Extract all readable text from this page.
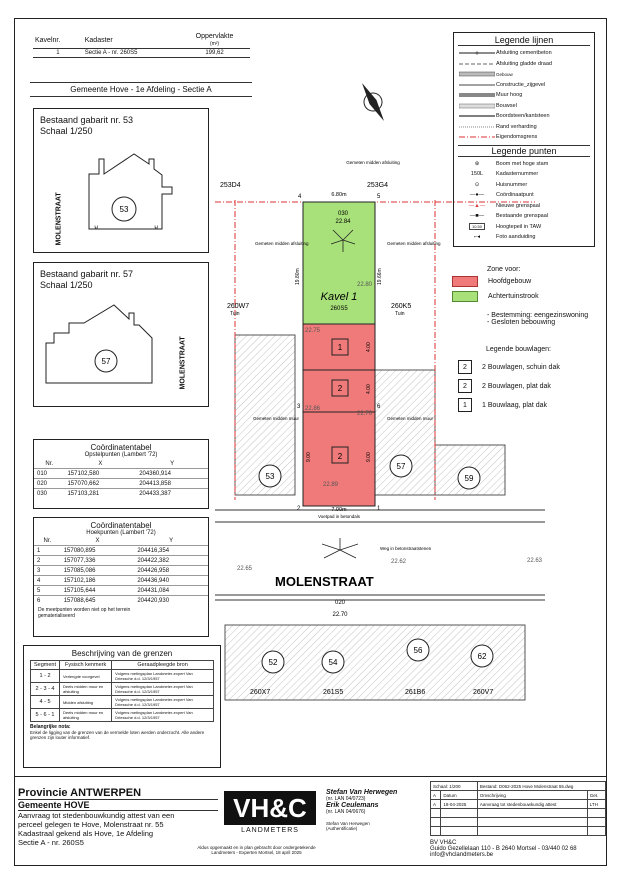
Kavelnr.	Kadaster	Oppervlakte
(m²)
1	Sectie A - nr. 260S5	199,62
Gemeente Hove - 1e Afdeling - Sectie A
Bestaand gabarit nr. 53
Schaal 1/250
MOLENSTRAAT	53
⊌	⊌
Bestaand gabarit nr. 57
Schaal 1/250
MOLENSTRAAT
57
Coördinatentabel
Opstelpunten (Lambert '72)
Nr.	X	Y
010	157102,580	204360,914
020	157070,662	204413,858
030	157103,281	204433,387
Coördinatentabel
Hoekpunten (Lambert '72)
Nr.	X	Y
1	157080,895	204416,354
2	157077,336	204422,382
3	157085,086	204426,958
4	157102,186	204436,940
5	157105,644	204431,084
6	157088,645	204420,930
De meetpunten worden niet op het terrein gematerialiseerd
Beschrijving van de grenzen
Segment	Fysisch kenmerk	Geraadpleegde bron
1 - 2	Verlengde voorgevel	Volgens metingsplan Landmeter-expert Van Driessche d.d. 12/3/1957
2 - 3 - 4	Deels midden muur en afsluiting	Volgens metingsplan Landmeter-expert Van Driessche d.d. 12/3/1957
4 - 5	Midden afsluiting	Volgens metingsplan Landmeter-expert Van Driessche d.d. 12/3/1957
5 - 6 - 1	Deels midden muur en afsluiting	Volgens metingsplan Landmeter-expert Van Driessche d.d. 12/3/1957
Belangrijke nota:
Enkel de ligging van de grenzen van de vermelde loten werden onderzocht. Alle andere grenzen zijn louter informatief.
Legende lijnen
Afsluiting cementbeton
Afsluiting gladde draad
Gebouw
Constructie_zijgevel
Muur hoog
Bouwsel
Boordsteen/kantsteen
Rand verharding
Eigendomsgrens
Legende punten
⊛	Boom met hoge stam
150L	Kadasternummer
⊙	Huisnummer
—●—	Coördinaatpunt
—▲—	Nieuwe grenspaal
—■—	Bestaande grenspaal
10,50	Hoogtepeil in TAW
⌐◂	Foto aanduiding
Zone voor:
Hoofdgebouw
Achtertuinstrook
- Bestemming: eengezinswoning
- Gesloten bebouwing
Legende bouwlagen:
2	2 Bouwlagen, schuin dak
2	2 Bouwlagen, plat dak
1	1 Bouwlaag, plat dak
53
57
59
52	54
56
62
1
2
2
Kavel 1
260S5
253D4	253G4
260W7
Tuin
260K5
Tuin
260X7	261S5	261B6	260V7
MOLENSTRAAT
Voetpad in betondals
Weg in betonstraatstenen
Gemeten midden afsluiting
Gemeten midden afsluiting	Gemeten midden afsluiting
Gemeten midden muur	Gemeten midden muur
6.80m
7.00m
030
22.84
020
22.70
22.75
22.80
22.86
22.70
22.89
22.63
22.65
22.62
4	5
3	6
2	1
19.80m	19.66m
4.00
4.00
9.00	9.00
Provincie ANTWERPEN
Gemeente HOVE
Aanvraag tot stedenbouwkundig attest van een
perceel gelegen te Hove, Molenstraat nr. 55
Kadastraal gekend als Hove, 1e Afdeling
Sectie A - nr. 260S5
VH&C
LANDMETERS
Aldus opgemaakt en in plan gebracht door ondergetekende Landmeters - Experten Mortsel, 18 april 2025
Stefan Van Herwegen
(nr. LAN 04/0723)
Erik Ceulemans
(nr. LAN 04/0676)
Stefan Van Herwegen (Authentificatie)
Schaal: 1/200		Bestand: D062-2025 Hove Molenstraat 55.dwg	
A	Datum	Omschrijving	Get.
A	18-04-2025	Aanvraag tot stedenbouwkundig attest	LTH

BV VH&C
Guido Gezellelaan 110 - B 2640 Mortsel - 03/440 02 68
info@vhclandmeters.be
